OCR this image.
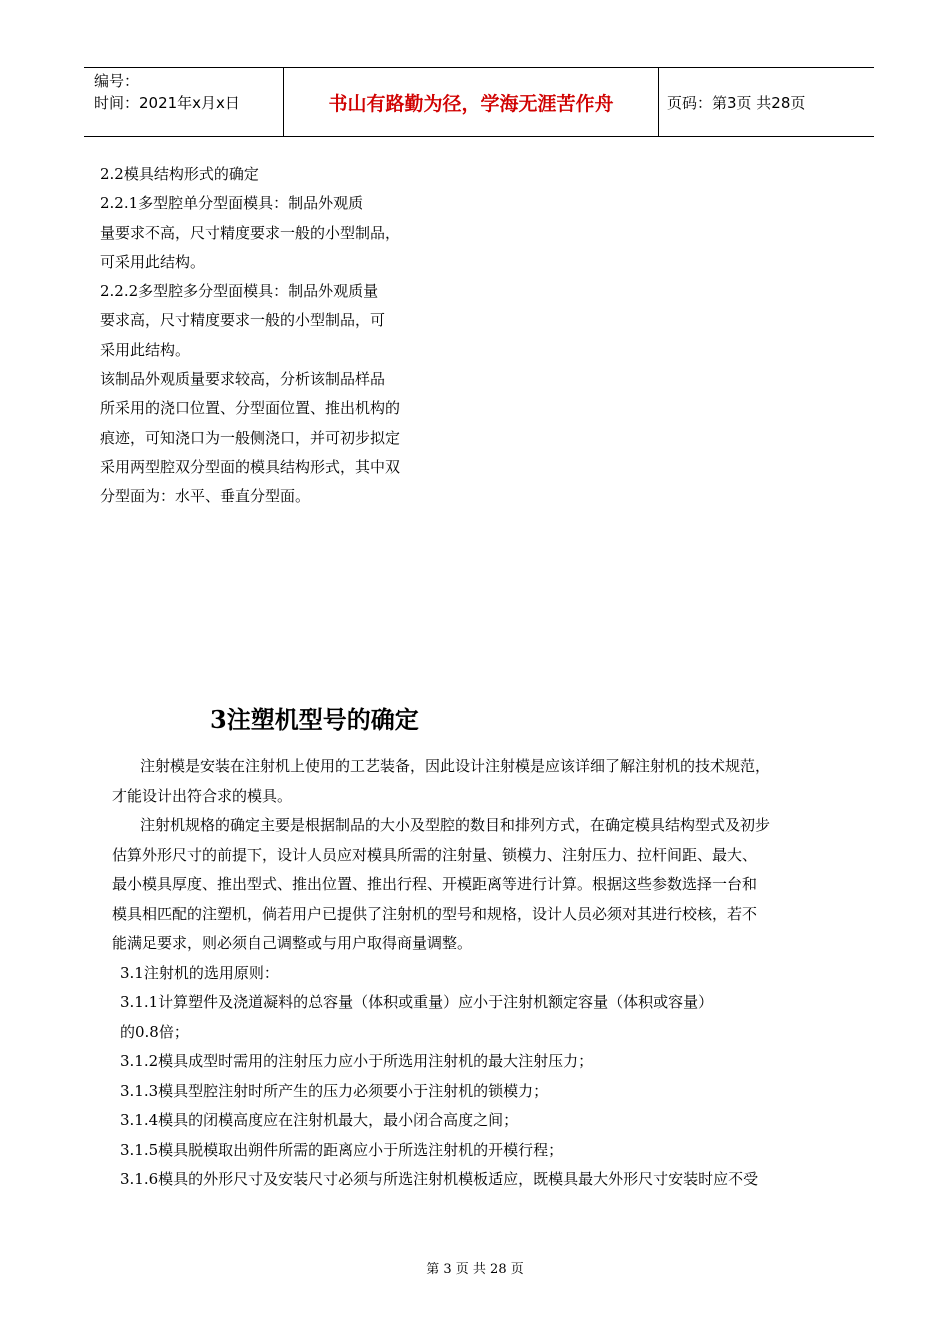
编号：
时间：2021年x月x日	书山有路勤为径，学海无涯苦作舟	页码：第3页 共28页
2.2模具结构形式的确定
2.2.1多型腔单分型面模具：制品外观质
量要求不高，尺寸精度要求一般的小型制品，
可采用此结构。
2.2.2多型腔多分型面模具：制品外观质量
要求高，尺寸精度要求一般的小型制品，可
采用此结构。
该制品外观质量要求较高，分析该制品样品
所采用的浇口位置、分型面位置、推出机构的
痕迹，可知浇口为一般侧浇口，并可初步拟定
采用两型腔双分型面的模具结构形式，其中双
分型面为：水平、垂直分型面。
3注塑机型号的确定
注射模是安装在注射机上使用的工艺装备，因此设计注射模是应该详细了解注射机的技术规范，
才能设计出符合求的模具。
注射机规格的确定主要是根据制品的大小及型腔的数目和排列方式，在确定模具结构型式及初步
估算外形尺寸的前提下，设计人员应对模具所需的注射量、锁模力、注射压力、拉杆间距、最大、
最小模具厚度、推出型式、推出位置、推出行程、开模距离等进行计算。根据这些参数选择一台和
模具相匹配的注塑机，倘若用户已提供了注射机的型号和规格，设计人员必须对其进行校核，若不
能满足要求，则必须自己调整或与用户取得商量调整。
3.1注射机的选用原则：
3.1.1计算塑件及浇道凝料的总容量（体积或重量）应小于注射机额定容量（体积或容量）
的0.8倍；
3.1.2模具成型时需用的注射压力应小于所选用注射机的最大注射压力；
3.1.3模具型腔注射时所产生的压力必须要小于注射机的锁模力；
3.1.4模具的闭模高度应在注射机最大，最小闭合高度之间；
3.1.5模具脱模取出朔件所需的距离应小于所选注射机的开模行程；
3.1.6模具的外形尺寸及安装尺寸必须与所选注射机模板适应，既模具最大外形尺寸安装时应不受
第 3 页 共 28 页
